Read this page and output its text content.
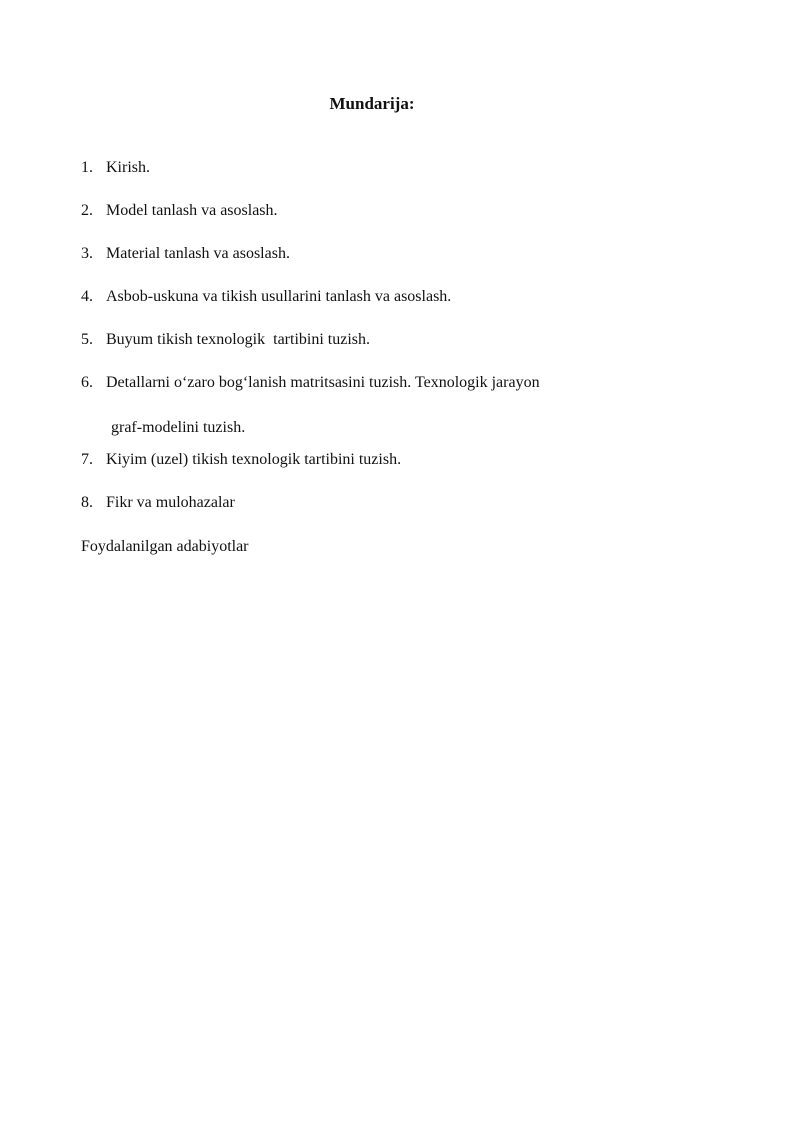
Mundarija:
1. Kirish.
2. Model tanlash va asoslash.
3. Material tanlash va asoslash.
4. Asbob-uskuna va tikish usullarini tanlash va asoslash.
5. Buyum tikish texnologik  tartibini tuzish.
6. Detallarni o‘zaro bog‘lanish matritsasini tuzish. Texnologik jarayon
graf-modelini tuzish.
7. Kiyim (uzel) tikish texnologik tartibini tuzish.
8. Fikr va mulohazalar

Foydalanilgan adabiyotlar
